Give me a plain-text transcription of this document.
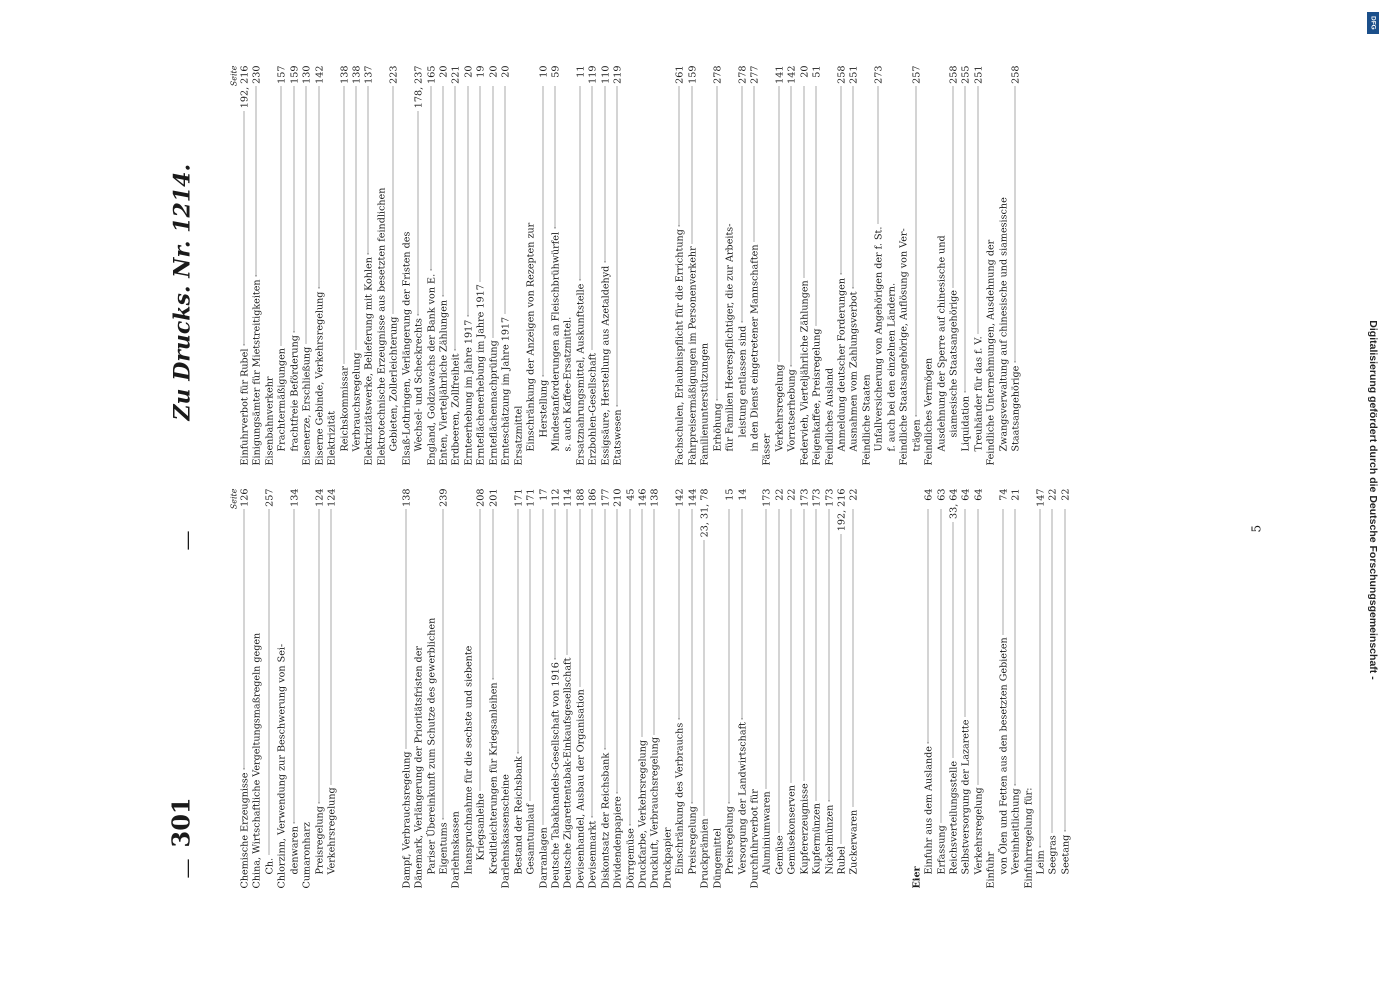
—
301
—
Zu Drucks. Nr. 1214.
Seite
Chemische Erzeugnisse
126
China, Wirtschaftliche Vergeltungsmaßregeln gegen Ch.
257
Chlorzinn, Verwendung zur Beschwerung von Sei- denwaren
134
Cumaronharz Preisregelung
124
Verkehrsregelung
124
Dampf, Verbrauchsregelung
138
Dänemark, Verlängerung der Prioritätsfristen der Pariser Übereinkunft zum Schutze des gewerblichen Eigentums
239
Darlehnskassen Inanspruchnahme für die sechste und siebente Kriegsanleihe
208
Kreditleichterungen für Kriegsanleihen
201
Darlehnskassenscheine Bestand der Reichsbank
171
Gesamtumlauf
171
Darranlagen
17
Deutsche Tabakhandels-Gesellschaft von 1916
112
Deutsche Zigarettentabak-Einkaufsgesellschaft
114
Devisenhandel, Ausbau der Organisation
188
Devisenmarkt
186
Diskontsatz der Reichsbank
177
Dividendenpapiere
210
Dörrgemüse
45
Druckfarbe, Verkehrsregelung
146
Druckluft, Verbrauchsregelung
138
Druckpapier Einschränkung des Verbrauchs
142
Preisregelung
144
Druckprämien
23, 31, 78
Düngemittel Preisregelung
15
Versorgung der Landwirtschaft
14
Durchfuhrverbot für Aluminiumwaren
173
Gemüse
22
Gemüsekonserven
22
Kupfererzeugnisse
173
Kupfermünzen
173
Nickelmünzen
173
Rubel
192, 216
Zuckerwaren
22
Eier
Einfuhr aus dem Auslande
64
Erfassung
63
Reichsverteilungsstelle
33, 64
Selbstversorgung der Lazarette
64
Verkehrsregelung
64
Einfuhr von Ölen und Fetten aus den besetzten Gebieten
74
Vereinheitlichung
21
Einfuhrregelung für: Leim
147
Seegras
22
Seetang
22
Seite
Einfuhrverbot für Rubel
192, 216
Einigungsämter für Mietstreitigkeiten
230
Eisenbahnverkehr Frachtermäßigungen
157
frachtfreie Beförderung
159
Eisenerze, Erschließung
130
Eiserne Gebinde, Verkehrsregelung
142
Elektrizität Reichskommissar
138
Verbrauchsregelung
138
Elektrizitätswerke, Belieferung mit Kohlen
137
Elektrotechnische Erzeugnisse aus besetzten feindlichen Gebieten, Zollerleichterung
223
Elsaß-Lothringen, Verlängerung der Fristen des Wechsel- und Scheckrechts
178, 237
England, Goldzuwachs der Bank von E.
165
Enten, Vierteljährliche Zählungen
20
Erdbeeren, Zollfreiheit
221
Ernteerhebung im Jahre 1917
20
Ernteflächenerhebung im Jahre 1917
19
Ernteflächennachprüfung
20
Ernteschätzung im Jahre 1917
20
Ersatzmittel Einschränkung der Anzeigen von Rezepten zur Herstellung
10
Mindestanforderungen an Fleischbrühwürfel
59
s. auch Kaffee-Ersatzmittel. Ersatznahrungsmittel, Auskunftstelle
11
Erzbohlen-Gesellschaft
119
Essigsäure, Herstellung aus Azetaldehyd
110
Etatswesen
219
Fachschulen, Erlaubnispflicht für die Errichtung
261
Fahrpreisermäßigungen im Personenverkehr
159
Familienunterstützungen Erhöhung
278
für Familien Heerespflichtiger, die zur Arbeits- leistung entlassen sind
278
in den Dienst eingetretener Mannschaften
277
Fässer Verkehrsregelung
141
Vorratserhebung
142
Federvieh, Vierteljährliche Zählungen
20
Feigenkaffee, Preisregelung
51
Feindliches Ausland Anmeldung deutscher Forderungen
258
Ausnahmen vom Zahlungsverbot
251
Feindliche Staaten Unfallversicherung von Angehörigen der f. St.
273
f. auch bei den einzelnen Ländern. Feindliche Staatsangehörige, Auflösung von Ver- trägen
257
Feindliches Vermögen Ausdehnung der Sperre auf chinesische und siamesische Staatsangehörige
258
Liquidation
255
Treuhänder für das f. V.
251
Feindliche Unternehmungen, Ausdehnung der Zwangsverwaltung auf chinesische und siamesische Staatsangehörige
258
5
DFG
Digitalisierung gefördert durch die Deutsche Forschungsgemeinschaft -
